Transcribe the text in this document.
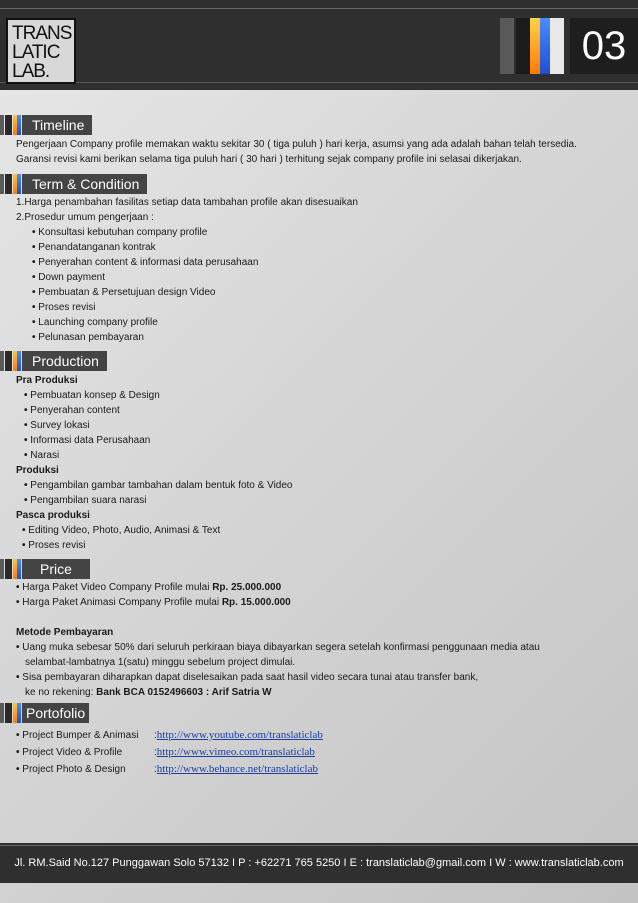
TRANS
LATIC
LAB.
03
Timeline
Pengerjaan Company profile memakan waktu sekitar 30 ( tiga puluh ) hari kerja, asumsi yang ada adalah bahan telah tersedia.
Garansi revisi kami berikan selama tiga puluh hari ( 30 hari ) terhitung sejak company profile ini selasai dikerjakan.
Term & Condition
1.Harga penambahan fasilitas setiap data tambahan profile akan disesuaikan
2.Prosedur umum pengerjaan :
• Konsultasi kebutuhan company profile
• Penandatanganan kontrak
• Penyerahan content & informasi data perusahaan
• Down payment
• Pembuatan & Persetujuan design Video
• Proses revisi
• Launching company profile
• Pelunasan pembayaran
Production
Pra Produksi
• Pembuatan konsep & Design
• Penyerahan content
• Survey lokasi
• Informasi data Perusahaan
• Narasi
Produksi
• Pengambilan gambar tambahan dalam bentuk foto & Video
• Pengambilan suara narasi
Pasca produksi
• Editing Video, Photo, Audio, Animasi & Text
• Proses revisi
Price
• Harga Paket Video Company Profile mulai Rp. 25.000.000
• Harga Paket Animasi Company Profile mulai Rp. 15.000.000
Metode Pembayaran
• Uang muka sebesar 50% dari seluruh perkiraan biaya dibayarkan segera setelah konfirmasi penggunaan media atau
selambat-lambatnya 1(satu) minggu sebelum project dimulai.
• Sisa pembayaran diharapkan dapat diselesaikan pada saat hasil video secara tunai atau transfer bank,
ke no rekening: Bank BCA 0152496603 : Arif Satria W
Portofolio
• Project Bumper & Animasi	: http://www.youtube.com/translaticlab
• Project Video & Profile	: http://www.vimeo.com/translaticlab
• Project Photo & Design	: http://www.behance.net/translaticlab
Jl. RM.Said No.127 Punggawan Solo 57132 I P : +62271 765 5250 I E : translaticlab@gmail.com I W : www.translaticlab.com
